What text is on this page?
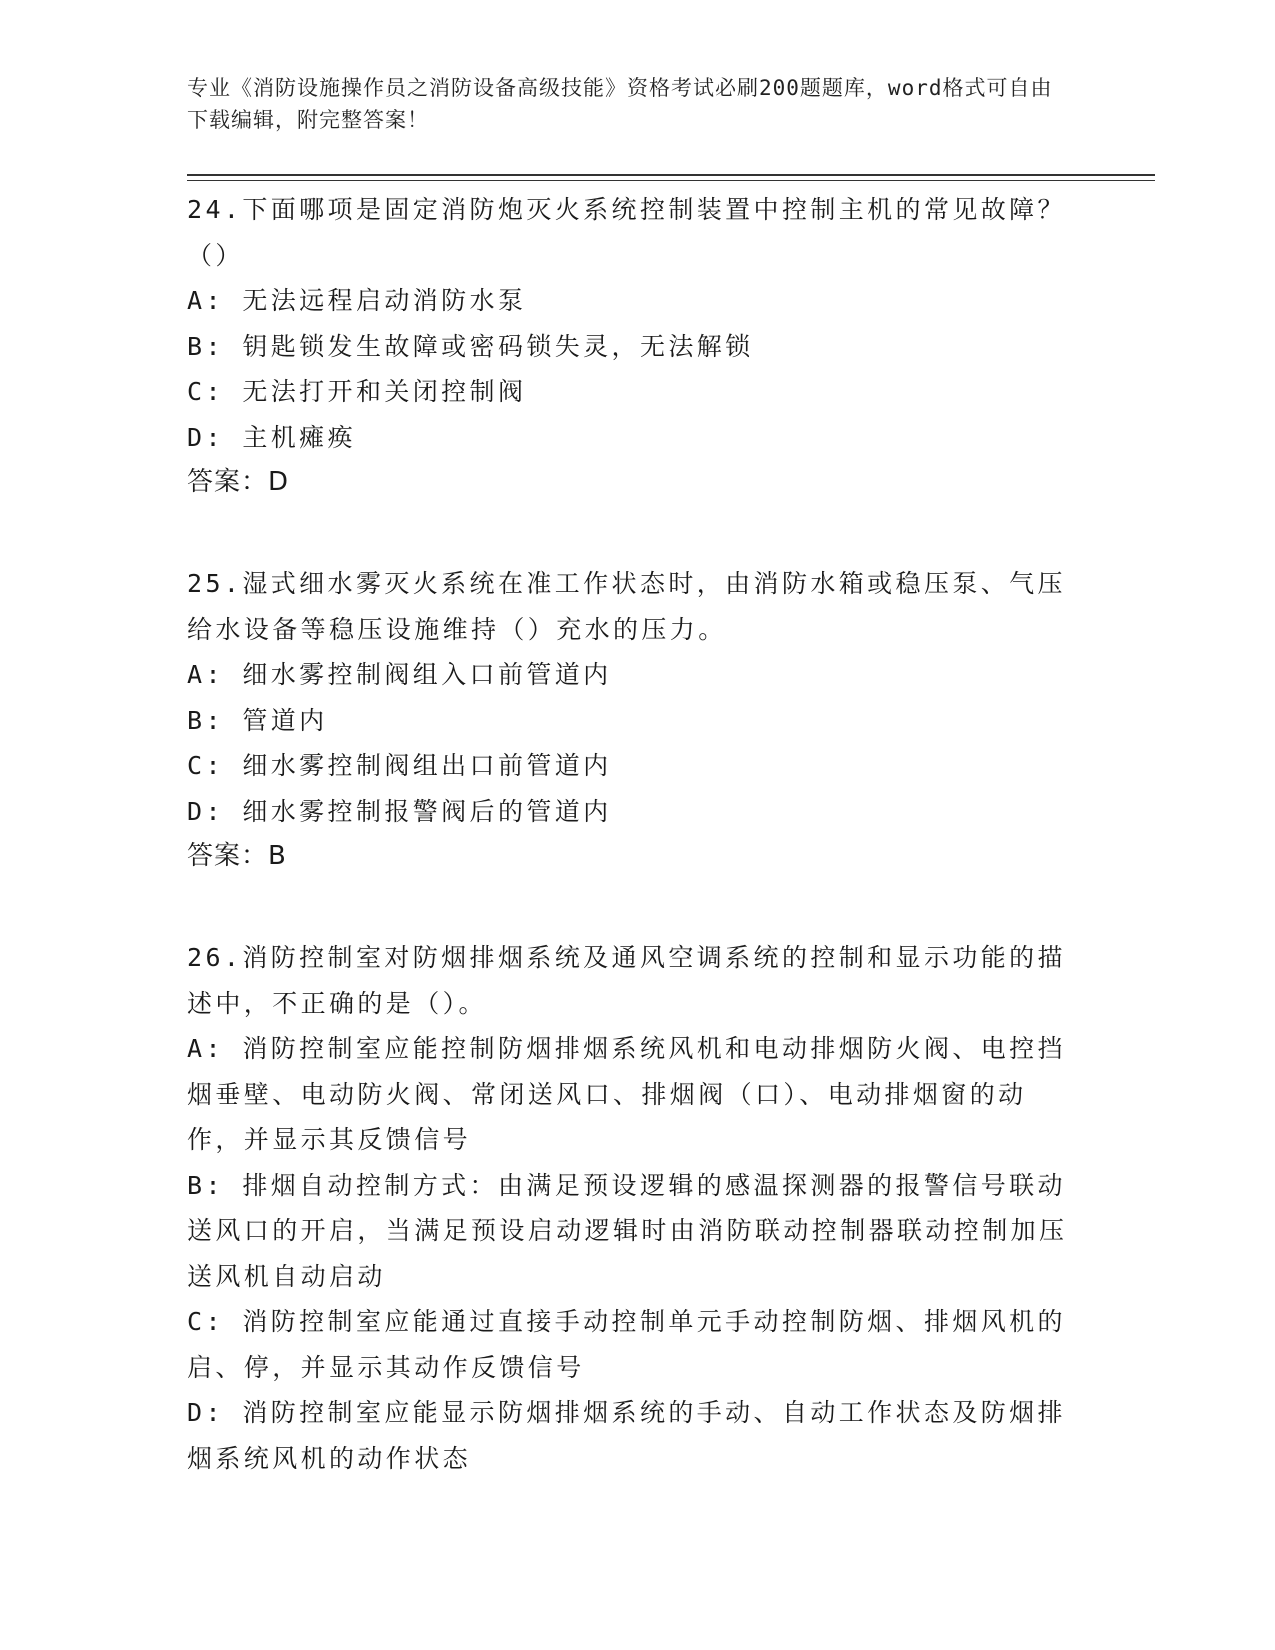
专业《消防设施操作员之消防设备高级技能》资格考试必刷200题题库，word格式可自由下载编辑，附完整答案！

24.下面哪项是固定消防炮灭火系统控制装置中控制主机的常见故障？（）

A: 无法远程启动消防水泵

B: 钥匙锁发生故障或密码锁失灵，无法解锁

C: 无法打开和关闭控制阀

D: 主机瘫痪

答案：D

25.湿式细水雾灭火系统在准工作状态时，由消防水箱或稳压泵、气压给水设备等稳压设施维持（）充水的压力。

A: 细水雾控制阀组入口前管道内

B: 管道内

C: 细水雾控制阀组出口前管道内

D: 细水雾控制报警阀后的管道内

答案：B

26.消防控制室对防烟排烟系统及通风空调系统的控制和显示功能的描述中，不正确的是（）。

A: 消防控制室应能控制防烟排烟系统风机和电动排烟防火阀、电控挡烟垂壁、电动防火阀、常闭送风口、排烟阀（口）、电动排烟窗的动作，并显示其反馈信号

B: 排烟自动控制方式：由满足预设逻辑的感温探测器的报警信号联动送风口的开启，当满足预设启动逻辑时由消防联动控制器联动控制加压送风机自动启动

C: 消防控制室应能通过直接手动控制单元手动控制防烟、排烟风机的启、停，并显示其动作反馈信号

D: 消防控制室应能显示防烟排烟系统的手动、自动工作状态及防烟排烟系统风机的动作状态
